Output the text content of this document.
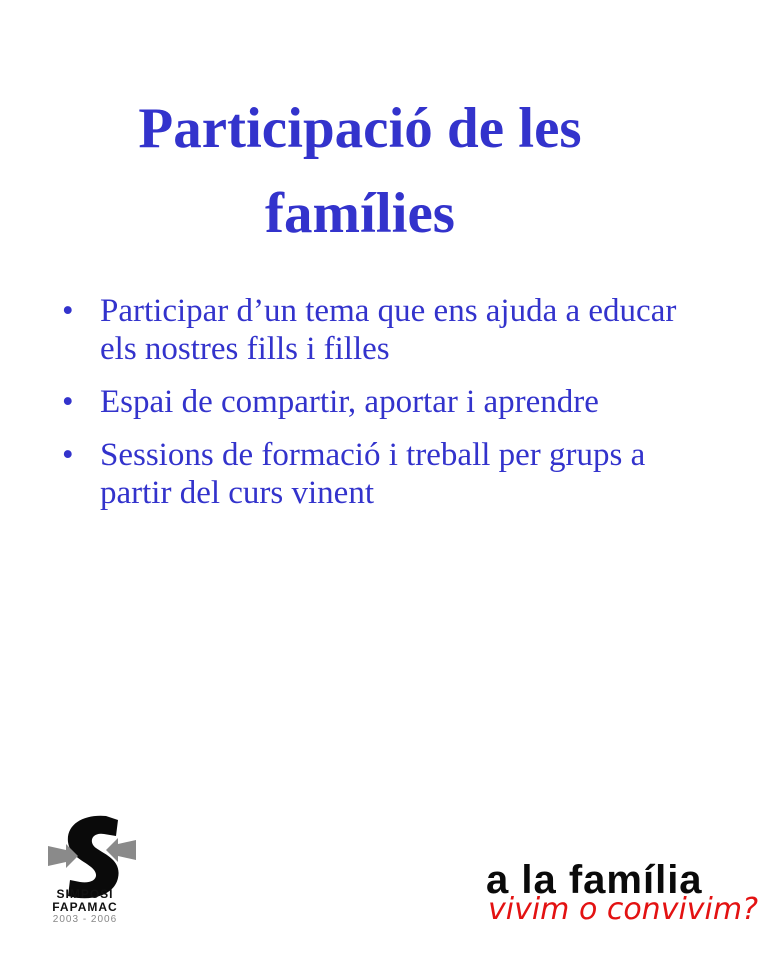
Participació de les famílies
• Participar d’un tema que ens ajuda a educar els nostres fills i filles
• Espai de compartir, aportar i aprendre
• Sessions de formació i treball per grups a partir del curs vinent
SIMPOSI
FAPAMAC
2003 - 2006
a la família
vivim o convivim?
